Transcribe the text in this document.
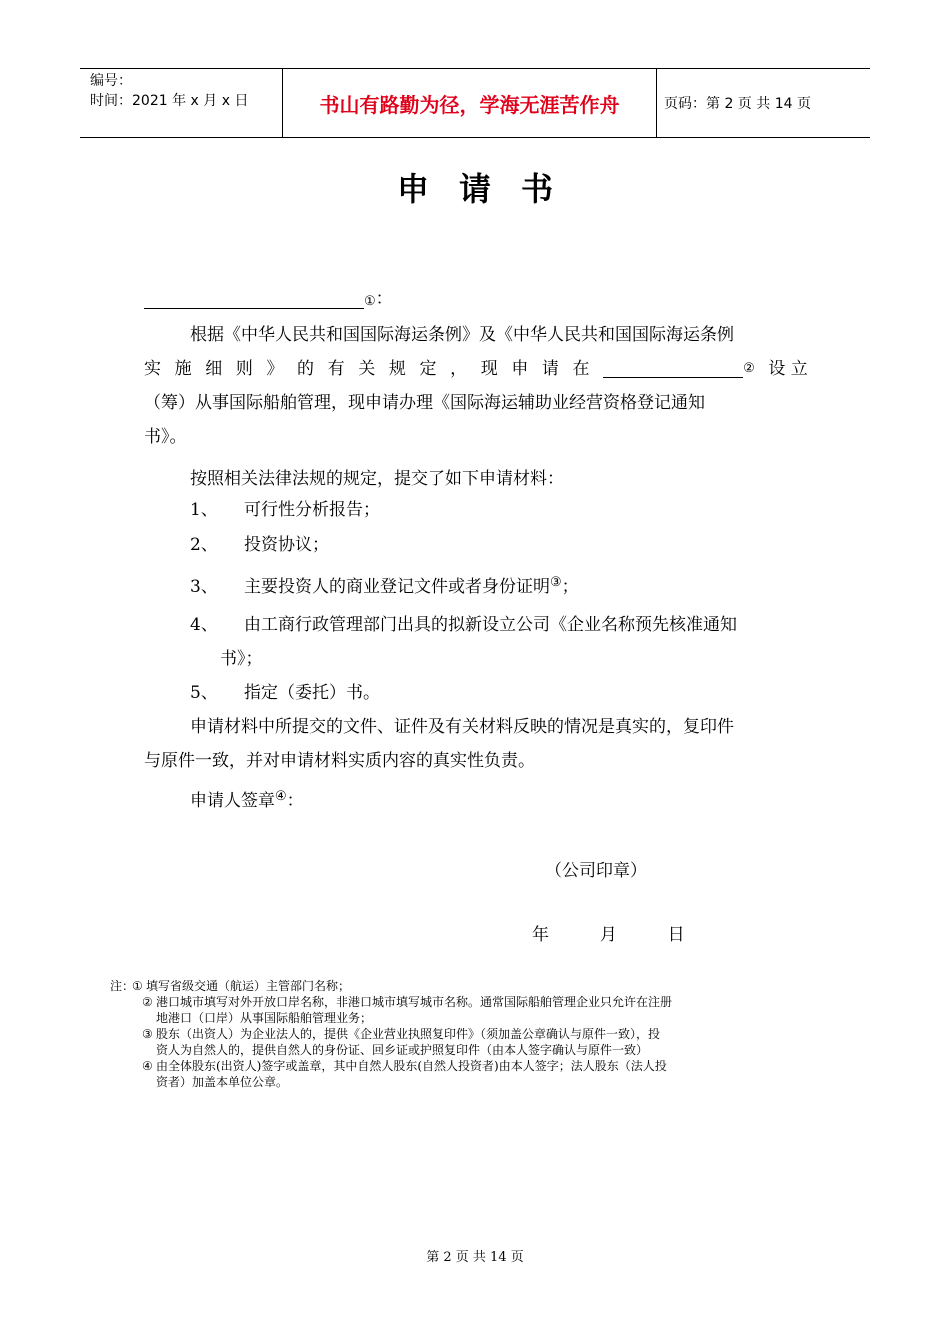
编号：
时间：2021 年 x 月 x 日	书山有路勤为径，学海无涯苦作舟	页码：第 2 页 共 14 页
申请书
① ：
根据《中华人民共和国国际海运条例》及《中华人民共和国国际海运条例
实 施 细 则 》 的 有 关 规 定 ， 现 申 请 在	② 设 立
（筹）从事国际船舶管理，现申请办理《国际海运辅助业经营资格登记通知
书》。
按照相关法律法规的规定，提交了如下申请材料：
1、 可行性分析报告；
2、 投资协议；
3、 主要投资人的商业登记文件或者身份证明③；
4、 由工商行政管理部门出具的拟新设立公司《企业名称预先核准通知
书》；
5、 指定（委托）书。
申请材料中所提交的文件、证件及有关材料反映的情况是真实的，复印件
与原件一致，并对申请材料实质内容的真实性负责。
申请人签章④：
（公司印章）
年	月	日
注：
① 填写省级交通（航运）主管部门名称；
② 港口城市填写对外开放口岸名称，非港口城市填写城市名称。通常国际船舶管理企业只允许在注册
地港口（口岸）从事国际船舶管理业务；
③ 股东（出资人）为企业法人的，提供《企业营业执照复印件》（须加盖公章确认与原件一致），投
资人为自然人的，提供自然人的身份证、回乡证或护照复印件（由本人签字确认与原件一致）
④ 由全体股东(出资人)签字或盖章，其中自然人股东(自然人投资者)由本人签字；法人股东（法人投
资者）加盖本单位公章。
第 2 页 共 14 页
